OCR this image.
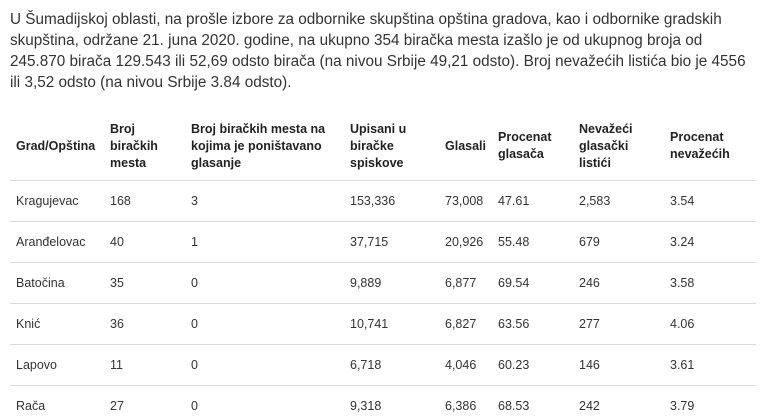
U Šumadijskoj oblasti, na prošle izbore za odbornike skupština opština gradova, kao i odbornike gradskih skupština, održane 21. juna 2020. godine, na ukupno 354 biračka mesta izašlo je od ukupnog broja od 245.870 birača 129.543 ili 52,69 odsto birača (na nivou Srbije 49,21 odsto). Broj nevažećih listića bio je 4556 ili 3,52 odsto (na nivou Srbije 3.84 odsto).

Grad/Opština	Broj biračkih mesta	Broj biračkih mesta na kojima je poništavano glasanje	Upisani u biračke spiskove	Glasali	Procenat glasača	Nevažeći glasački listići	Procenat nevažećih
Kragujevac	168	3	153,336	73,008	47.61	2,583	3.54
Aranđelovac	40	1	37,715	20,926	55.48	679	3.24
Batočina	35	0	9,889	6,877	69.54	246	3.58
Knić	36	0	10,741	6,827	63.56	277	4.06
Lapovo	11	0	6,718	4,046	60.23	146	3.61
Rača	27	0	9,318	6,386	68.53	242	3.79
